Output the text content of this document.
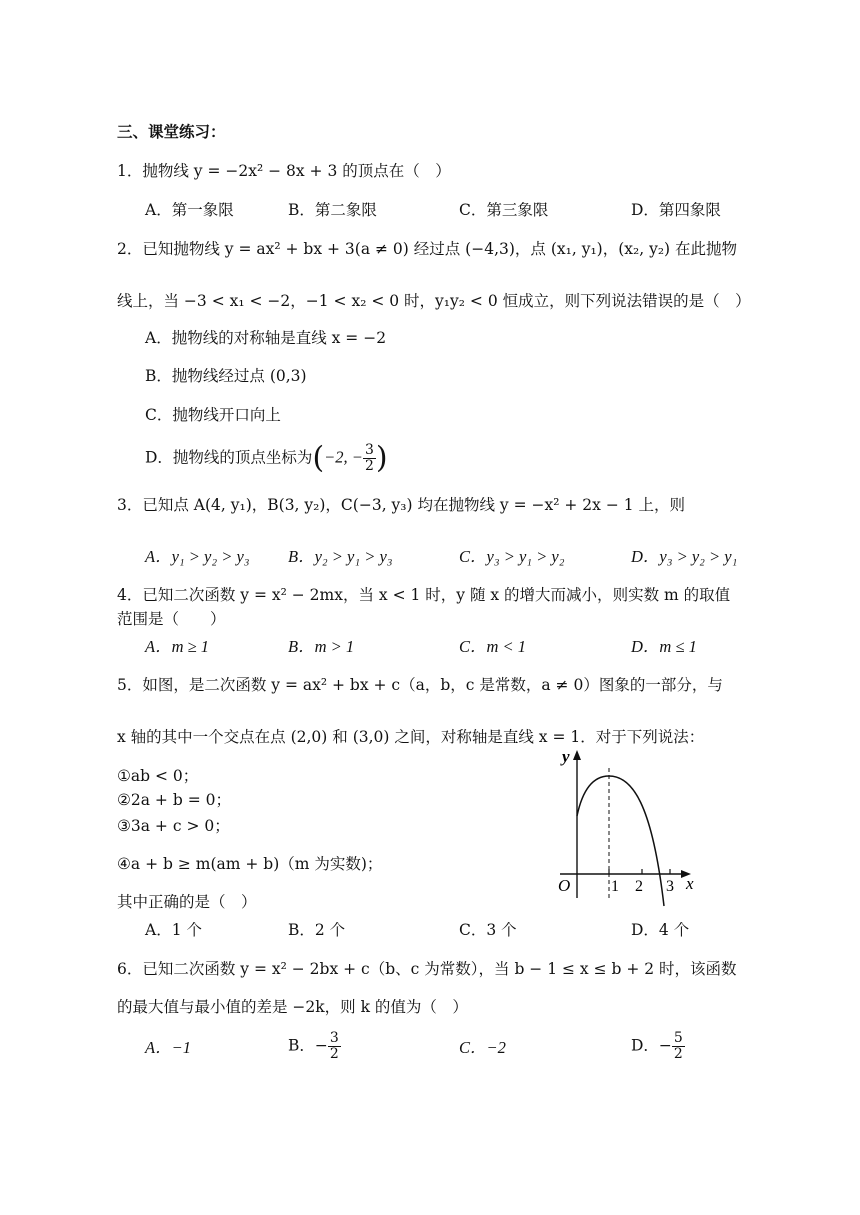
三、课堂练习：
1．抛物线 y = −2x² − 8x + 3 的顶点在（　）
A．第一象限	B．第二象限	C．第三象限	D．第四象限
2．已知抛物线 y = ax² + bx + 3(a ≠ 0) 经过点 (−4,3)，点 (x₁, y₁)，(x₂, y₂) 在此抛物
线上，当 −3 < x₁ < −2，−1 < x₂ < 0 时，y₁y₂ < 0 恒成立，则下列说法错误的是（　）
A．抛物线的对称轴是直线 x = −2
B．抛物线经过点 (0,3)
C．抛物线开口向上
D．抛物线的顶点坐标为(−2, − $\frac{3}{2}$ )
3．已知点 A(4, y₁)，B(3, y₂)，C(−3, y₃) 均在抛物线 y = −x² + 2x − 1 上，则
A．y₁ > y₂ > y₃ B．y₂ > y₁ > y₃	C．y₃ > y₁ > y₂	D．y₃ > y₂ > y₁
4．已知二次函数 y = x² − 2mx，当 x < 1 时，y 随 x 的增大而减小，则实数 m 的取值
范围是（　　）
A．m ≥ 1	B．m > 1	C．m < 1	D．m ≤ 1
5．如图，是二次函数 y = ax² + bx + c（a，b，c 是常数，a ≠ 0）图象的一部分，与
x 轴的其中一个交点在点 (2,0) 和 (3,0) 之间，对称轴是直线 x = 1．对于下列说法：
①ab < 0；
②2a + b = 0；
③3a + c > 0；
④a + b ≥ m(am + b)（m 为实数)；
其中正确的是（　）
A．1 个	B．2 个	C．3 个	D．4 个
y
x
O	1 2 3
6．已知二次函数 y = x² − 2bx + c（b、c 为常数），当 b − 1 ≤ x ≤ b + 2 时，该函数
的最大值与最小值的差是 −2k，则 k 的值为（　）
A．−1	B．− $\frac{3}{2}$	C．−2	D．− $\frac{5}{2}$
